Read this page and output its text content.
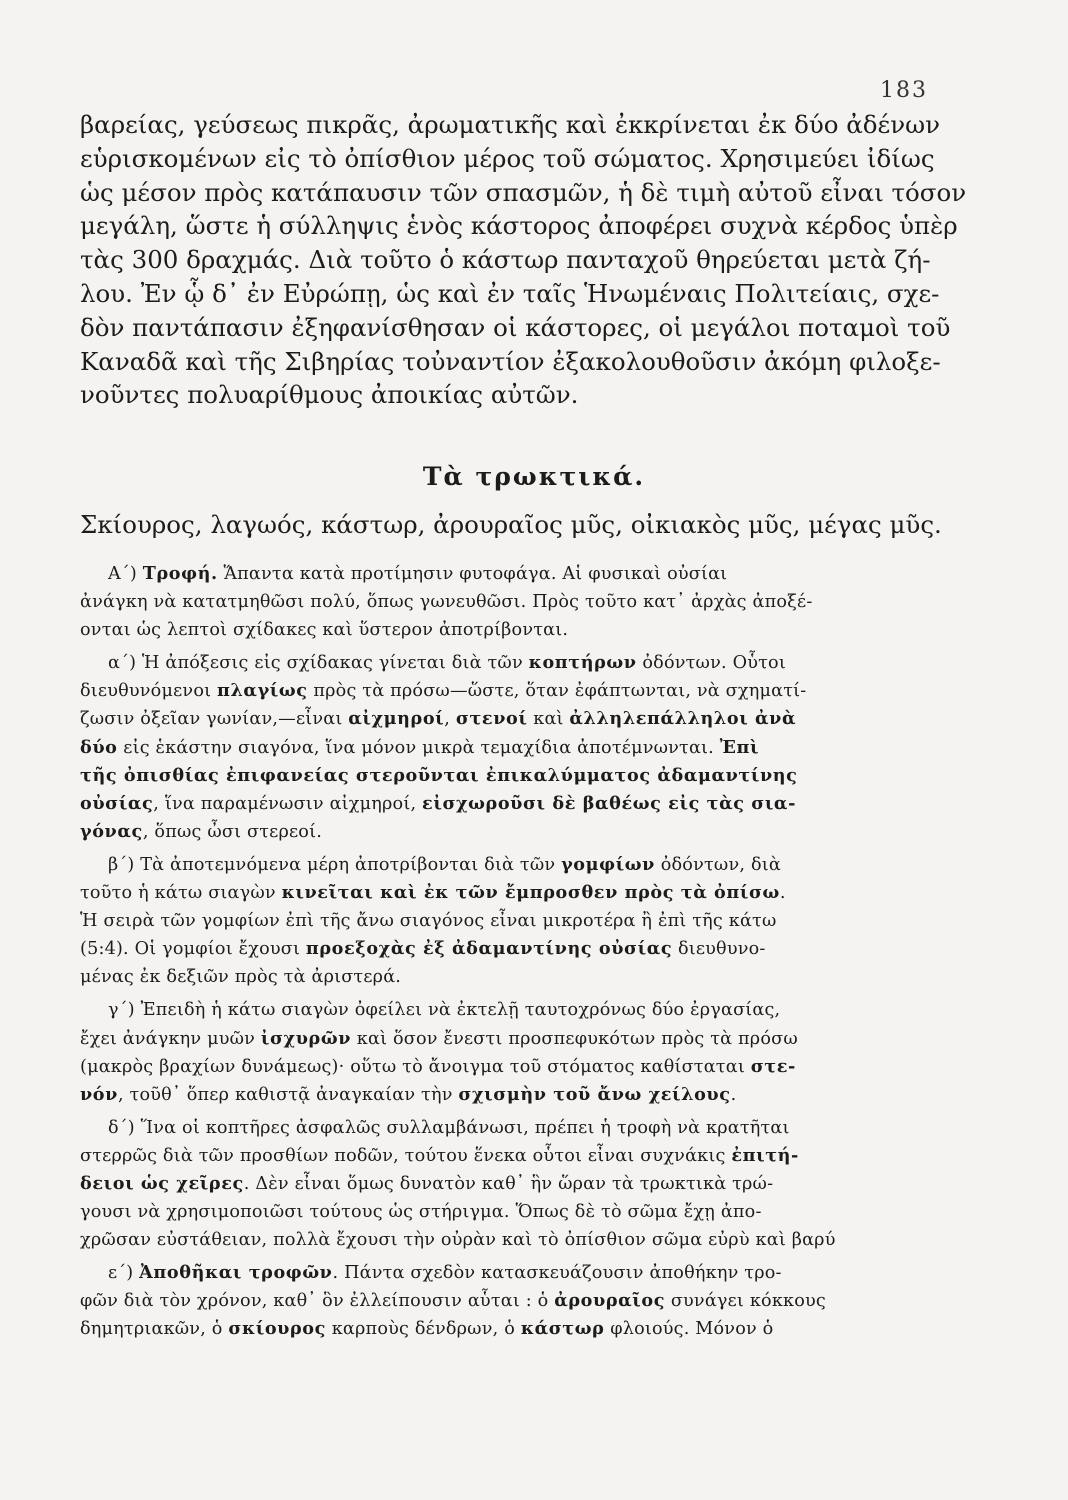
183
βαρείας, γεύσεως πικρᾶς, ἀρωματικῆς καὶ ἐκκρίνεται ἐκ δύο ἀδένων
εὑρισκομένων εἰς τὸ ὀπίσθιον μέρος τοῦ σώματος. Χρησιμεύει ἰδίως
ὡς μέσον πρὸς κατάπαυσιν τῶν σπασμῶν, ἡ δὲ τιμὴ αὐτοῦ εἶναι τόσον
μεγάλη, ὥστε ἡ σύλληψις ἑνὸς κάστορος ἀποφέρει συχνὰ κέρδος ὑπὲρ
τὰς 300 δραχμάς. Διὰ τοῦτο ὁ κάστωρ πανταχοῦ θηρεύεται μετὰ ζή-
λου. Ἐν ᾧ δ᾿ ἐν Εὐρώπῃ, ὡς καὶ ἐν ταῖς Ἡνωμέναις Πολιτείαις, σχε-
δὸν παντάπασιν ἐξηφανίσθησαν οἱ κάστορες, οἱ μεγάλοι ποταμοὶ τοῦ
Καναδᾶ καὶ τῆς Σιβηρίας τοὐναντίον ἐξακολουθοῦσιν ἀκόμη φιλοξε-
νοῦντες πολυαρίθμους ἀποικίας αὐτῶν.
Τὰ τρωκτικά.
Σκίουρος, λαγωός, κάστωρ, ἀρουραῖος μῦς, οἰκιακὸς μῦς, μέγας μῦς.
Α΄) Τροφή. Ἅπαντα κατὰ προτίμησιν φυτοφάγα. Αἱ φυσικαὶ οὐσίαι
ἀνάγκη νὰ κατατμηθῶσι πολύ, ὅπως γωνευθῶσι. Πρὸς τοῦτο κατ᾿ ἀρχὰς ἀποξέ-
ονται ὡς λεπτοὶ σχίδακες καὶ ὕστερον ἀποτρίβονται.
α΄) Ἡ ἀπόξεσις εἰς σχίδακας γίνεται διὰ τῶν κοπτήρων ὀδόντων. Οὗτοι
διευθυνόμενοι πλαγίως πρὸς τὰ πρόσω—ὥστε, ὅταν ἐφάπτωνται, νὰ σχηματί-
ζωσιν ὀξεῖαν γωνίαν,—εἶναι αἰχμηροί, στενοί καὶ ἀλληλεπάλληλοι ἀνὰ
δύο εἰς ἑκάστην σιαγόνα, ἵνα μόνον μικρὰ τεμαχίδια ἀποτέμνωνται. Ἐπὶ
τῆς ὀπισθίας ἐπιφανείας στεροῦνται ἐπικαλύμματος ἀδαμαντίνης
οὐσίας, ἵνα παραμένωσιν αἰχμηροί, εἰσχωροῦσι δὲ βαθέως εἰς τὰς σια-
γόνας, ὅπως ὦσι στερεοί.
β΄) Τὰ ἀποτεμνόμενα μέρη ἀποτρίβονται διὰ τῶν γομφίων ὀδόντων, διὰ
τοῦτο ἡ κάτω σιαγὼν κινεῖται καὶ ἐκ τῶν ἔμπροσθεν πρὸς τὰ ὀπίσω.
Ἡ σειρὰ τῶν γομφίων ἐπὶ τῆς ἄνω σιαγόνος εἶναι μικροτέρα ἢ ἐπὶ τῆς κάτω
(5:4). Οἱ γομφίοι ἔχουσι προεξοχὰς ἐξ ἀδαμαντίνης οὐσίας διευθυνο-
μένας ἐκ δεξιῶν πρὸς τὰ ἀριστερά.
γ΄) Ἐπειδὴ ἡ κάτω σιαγὼν ὀφείλει νὰ ἐκτελῇ ταυτοχρόνως δύο ἐργασίας,
ἔχει ἀνάγκην μυῶν ἰσχυρῶν καὶ ὅσον ἔνεστι προσπεφυκότων πρὸς τὰ πρόσω
(μακρὸς βραχίων δυνάμεως)· οὕτω τὸ ἄνοιγμα τοῦ στόματος καθίσταται στε-
νόν, τοῦθ᾿ ὅπερ καθιστᾷ ἀναγκαίαν τὴν σχισμὴν τοῦ ἄνω χείλους.
δ΄) Ἵνα οἱ κοπτῆρες ἀσφαλῶς συλλαμβάνωσι, πρέπει ἡ τροφὴ νὰ κρατῆται
στερρῶς διὰ τῶν προσθίων ποδῶν, τούτου ἕνεκα οὗτοι εἶναι συχνάκις ἐπιτή-
δειοι ὡς χεῖρες. Δὲν εἶναι ὅμως δυνατὸν καθ᾿ ἣν ὥραν τὰ τρωκτικὰ τρώ-
γουσι νὰ χρησιμοποιῶσι τούτους ὡς στήριγμα. Ὅπως δὲ τὸ σῶμα ἔχῃ ἀπο-
χρῶσαν εὐστάθειαν, πολλὰ ἔχουσι τὴν οὐρὰν καὶ τὸ ὀπίσθιον σῶμα εὐρὺ καὶ βαρύ
ε΄) Ἀποθῆκαι τροφῶν. Πάντα σχεδὸν κατασκευάζουσιν ἀποθήκην τρο-
φῶν διὰ τὸν χρόνον, καθ᾿ ὃν ἐλλείπουσιν αὗται : ὁ ἀρουραῖος συνάγει κόκκους
δημητριακῶν, ὁ σκίουρος καρποὺς δένδρων, ὁ κάστωρ φλοιούς. Μόνον ὁ
